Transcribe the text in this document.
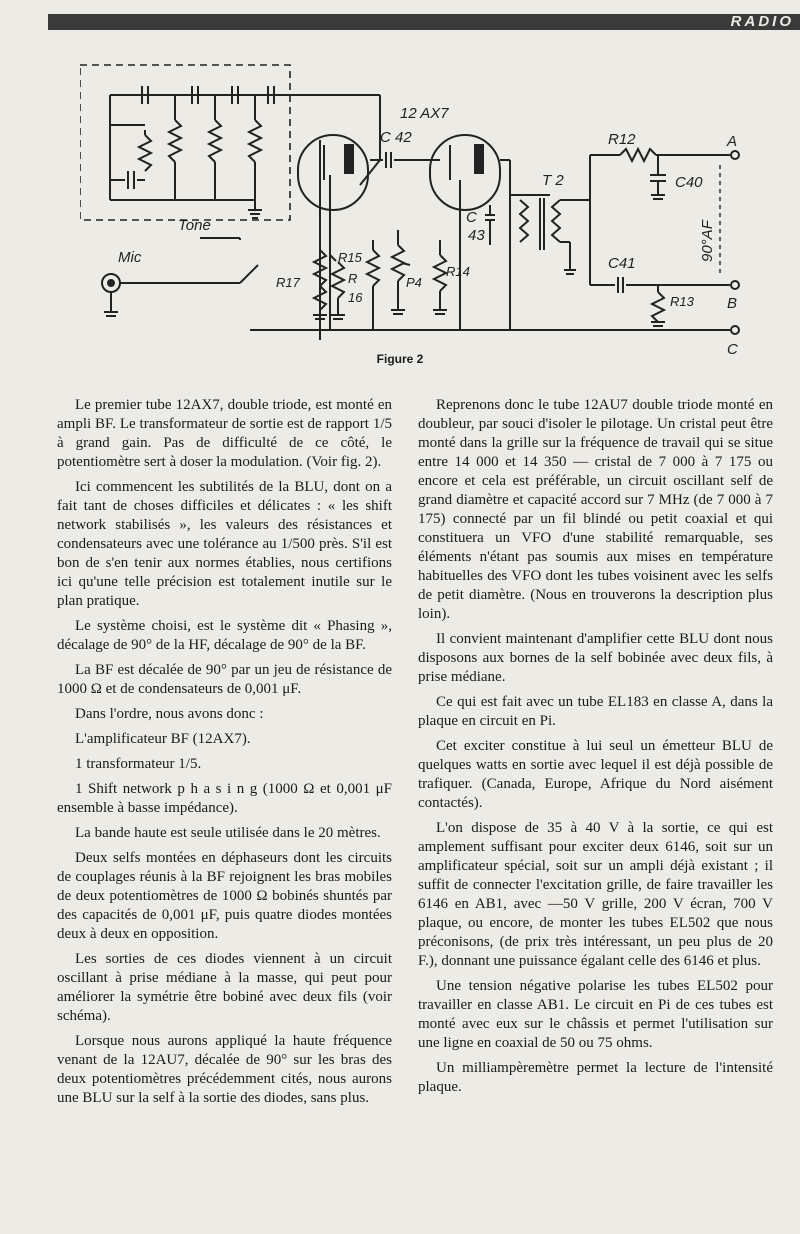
RADIO
12 AX7
C 42	R12
T 2	C40
C
43
Tone
Mic	R15
R
16
R17	P4
R14	C41
R13
90°AF
A
B
C
Figure 2

Le premier tube 12AX7, double triode, est monté en ampli BF. Le transformateur de sortie est de rapport 1/5 à grand gain. Pas de difficulté de ce côté, le potentiomètre sert à doser la modulation. (Voir fig. 2).

Ici commencent les subtilités de la BLU, dont on a fait tant de choses difficiles et délicates : « les shift network stabilisés », les valeurs des résistances et condensateurs avec une tolérance au 1/500 près. S'il est bon de s'en tenir aux normes établies, nous certifions ici qu'une telle précision est totalement inutile sur le plan pratique.

Le système choisi, est le système dit « Phasing », décalage de 90° de la HF, décalage de 90° de la BF.

La BF est décalée de 90° par un jeu de résistance de 1000 Ω et de condensateurs de 0,001 μF.

Dans l'ordre, nous avons donc :

L'amplificateur BF (12AX7).

1 transformateur 1/5.

1 Shift network p h a s i n g (1000 Ω et 0,001 μF ensemble à basse impédance).

La bande haute est seule utilisée dans le 20 mètres.

Deux selfs montées en déphaseurs dont les circuits de couplages réunis à la BF rejoignent les bras mobiles de deux potentiomètres de 1000 Ω bobinés shuntés par des capacités de 0,001 μF, puis quatre diodes montées deux à deux en opposition.

Les sorties de ces diodes viennent à un circuit oscillant à prise médiane à la masse, qui peut pour améliorer la symétrie être bobiné avec deux fils (voir schéma).

Lorsque nous aurons appliqué la haute fréquence venant de la 12AU7, décalée de 90° sur les bras des deux potentiomètres précédemment cités, nous aurons une BLU sur la self à la sortie des diodes, sans plus.

Reprenons donc le tube 12AU7 double triode monté en doubleur, par souci d'isoler le pilotage. Un cristal peut être monté dans la grille sur la fréquence de travail qui se situe entre 14 000 et 14 350 — cristal de 7 000 à 7 175 ou encore et cela est préférable, un circuit oscillant self de grand diamètre et capacité accord sur 7 MHz (de 7 000 à 7 175) connecté par un fil blindé ou petit coaxial et qui constituera un VFO d'une stabilité remarquable, ses éléments n'étant pas soumis aux mises en température habituelles des VFO dont les tubes voisinent avec les selfs de petit diamètre. (Nous en trouverons la description plus loin).

Il convient maintenant d'amplifier cette BLU dont nous disposons aux bornes de la self bobinée avec deux fils, à prise médiane.

Ce qui est fait avec un tube EL183 en classe A, dans la plaque en circuit en Pi.

Cet exciter constitue à lui seul un émetteur BLU de quelques watts en sortie avec lequel il est déjà possible de trafiquer. (Canada, Europe, Afrique du Nord aisément contactés).

L'on dispose de 35 à 40 V à la sortie, ce qui est amplement suffisant pour exciter deux 6146, soit sur un amplificateur spécial, soit sur un ampli déjà existant ; il suffit de connecter l'excitation grille, de faire travailler les 6146 en AB1, avec —50 V grille, 200 V écran, 700 V plaque, ou encore, de monter les tubes EL502 que nous préconisons, (de prix très intéressant, un peu plus de 20 F.), donnant une puissance égalant celle des 6146 et plus.

Une tension négative polarise les tubes EL502 pour travailler en classe AB1. Le circuit en Pi de ces tubes est monté avec eux sur le châssis et permet l'utilisation sur une ligne en coaxial de 50 ou 75 ohms.

Un milliampèremètre permet la lecture de l'intensité plaque.
